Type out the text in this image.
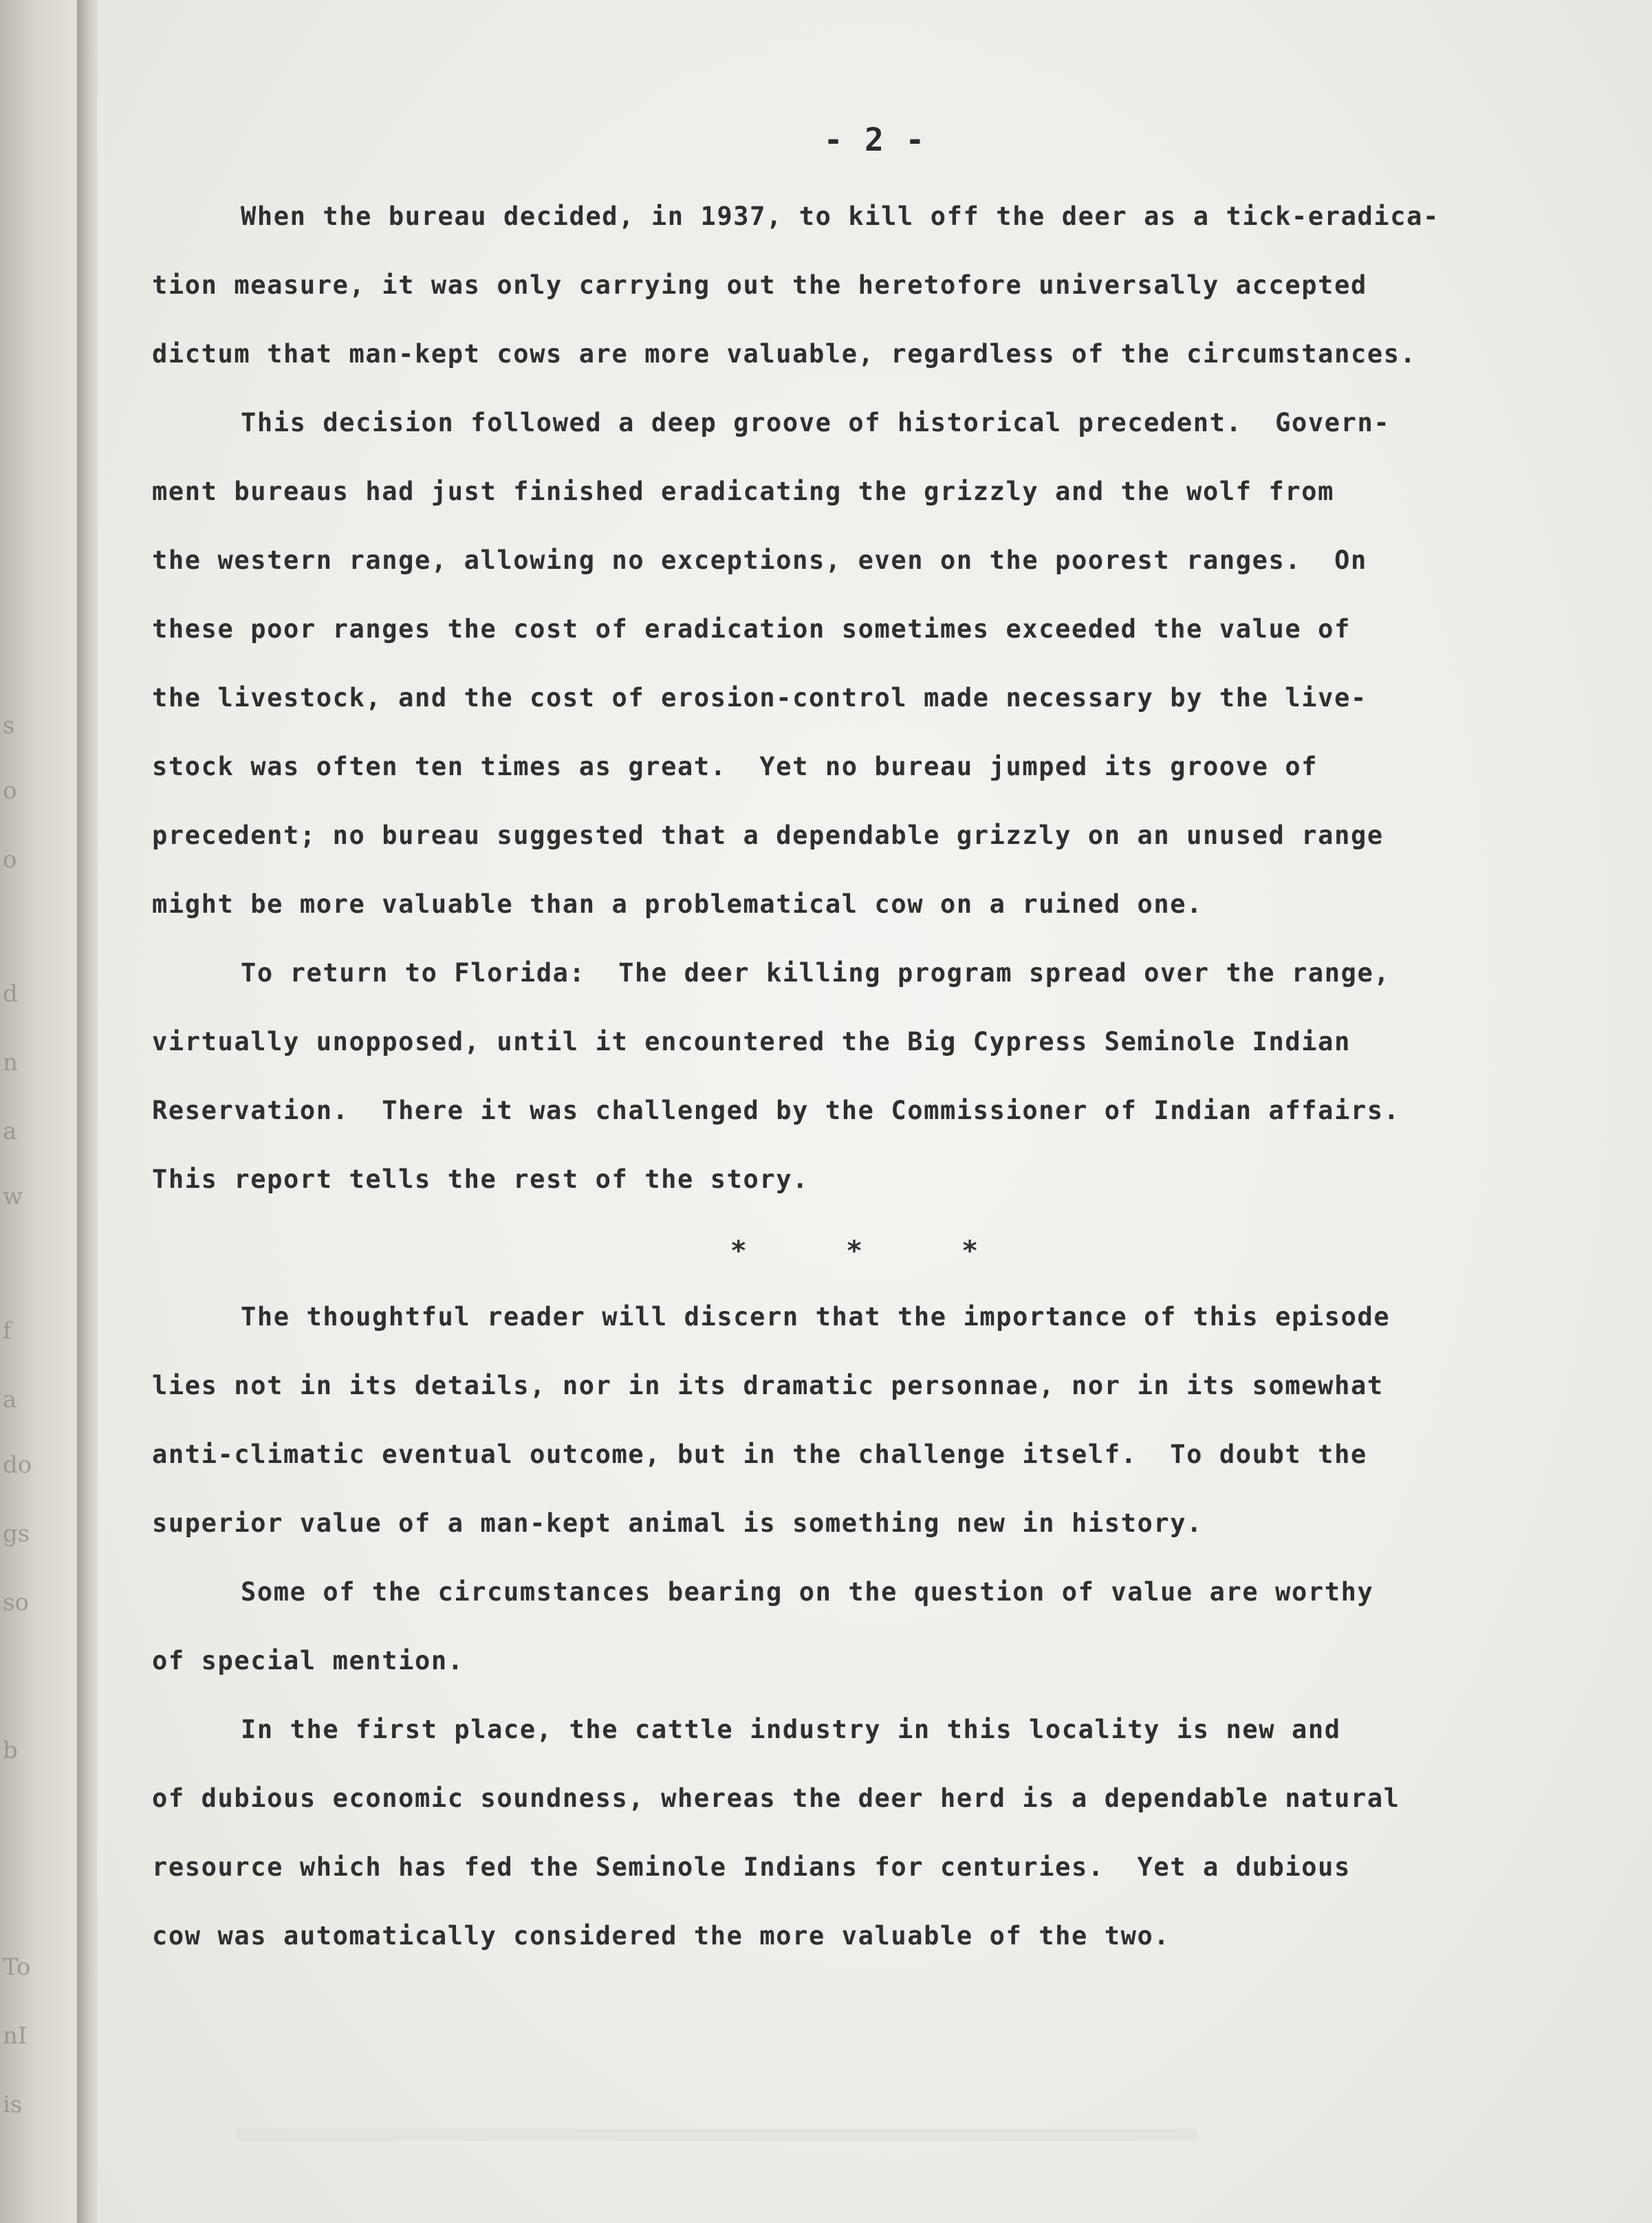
s
o
o
d
n
a
w
f
a
do
gs
so
b
To
nI
is
- 2 -

When the bureau decided, in 1937, to kill off the deer as a tick-eradica-

tion measure, it was only carrying out the heretofore universally accepted

dictum that man-kept cows are more valuable, regardless of the circumstances.

This decision followed a deep groove of historical precedent.  Govern-

ment bureaus had just finished eradicating the grizzly and the wolf from

the western range, allowing no exceptions, even on the poorest ranges.  On

these poor ranges the cost of eradication sometimes exceeded the value of

the livestock, and the cost of erosion-control made necessary by the live-

stock was often ten times as great.  Yet no bureau jumped its groove of

precedent; no bureau suggested that a dependable grizzly on an unused range

might be more valuable than a problematical cow on a ruined one.

To return to Florida:  The deer killing program spread over the range,

virtually unopposed, until it encountered the Big Cypress Seminole Indian

Reservation.  There it was challenged by the Commissioner of Indian affairs.

This report tells the rest of the story.

* * *

The thoughtful reader will discern that the importance of this episode

lies not in its details, nor in its dramatic personnae, nor in its somewhat

anti-climatic eventual outcome, but in the challenge itself.  To doubt the

superior value of a man-kept animal is something new in history.

Some of the circumstances bearing on the question of value are worthy

of special mention.

In the first place, the cattle industry in this locality is new and

of dubious economic soundness, whereas the deer herd is a dependable natural

resource which has fed the Seminole Indians for centuries.  Yet a dubious

cow was automatically considered the more valuable of the two.
